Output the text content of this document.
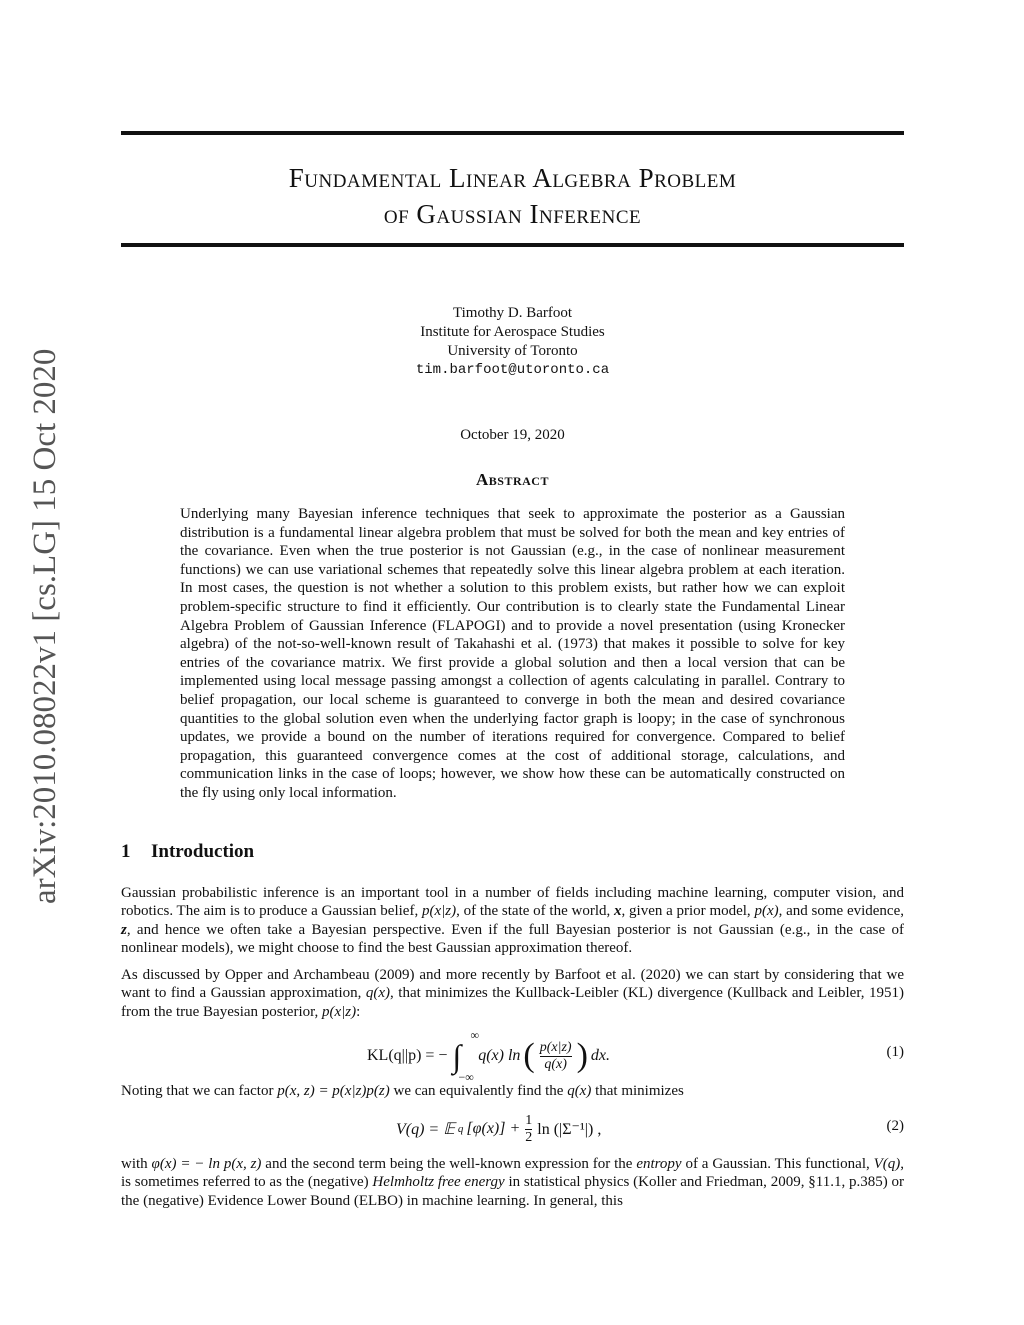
arXiv:2010.08022v1 [cs.LG] 15 Oct 2020
Fundamental Linear Algebra Problem
of Gaussian Inference
Timothy D. Barfoot
Institute for Aerospace Studies
University of Toronto
tim.barfoot@utoronto.ca
October 19, 2020
Abstract
Underlying many Bayesian inference techniques that seek to approximate the posterior as a Gaussian distribution is a fundamental linear algebra problem that must be solved for both the mean and key entries of the covariance. Even when the true posterior is not Gaussian (e.g., in the case of nonlinear measurement functions) we can use variational schemes that repeatedly solve this linear algebra problem at each iteration. In most cases, the question is not whether a solution to this problem exists, but rather how we can exploit problem-specific structure to find it efficiently. Our contribution is to clearly state the Fundamental Linear Algebra Problem of Gaussian Inference (FLAPOGI) and to provide a novel presentation (using Kronecker algebra) of the not-so-well-known result of Takahashi et al. (1973) that makes it possible to solve for key entries of the covariance matrix. We first provide a global solution and then a local version that can be implemented using local message passing amongst a collection of agents calculating in parallel. Contrary to belief propagation, our local scheme is guaranteed to converge in both the mean and desired covariance quantities to the global solution even when the underlying factor graph is loopy; in the case of synchronous updates, we provide a bound on the number of iterations required for convergence. Compared to belief propagation, this guaranteed convergence comes at the cost of additional storage, calculations, and communication links in the case of loops; however, we show how these can be automatically constructed on the fly using only local information.
1 Introduction
Gaussian probabilistic inference is an important tool in a number of fields including machine learning, computer vision, and robotics. The aim is to produce a Gaussian belief, p(x|z), of the state of the world, x, given a prior model, p(x), and some evidence, z, and hence we often take a Bayesian perspective. Even if the full Bayesian posterior is not Gaussian (e.g., in the case of nonlinear models), we might choose to find the best Gaussian approximation thereof.
As discussed by Opper and Archambeau (2009) and more recently by Barfoot et al. (2020) we can start by considering that we want to find a Gaussian approximation, q(x), that minimizes the Kullback-Leibler (KL) divergence (Kullback and Leibler, 1951) from the true Bayesian posterior, p(x|z):
KL(q||p) = − ∫
∞
−∞
q(x) ln ( $\frac{p(x|z)}{q(x)}$ ) dx.	(1)
Noting that we can factor p(x, z) = p(x|z)p(z) we can equivalently find the q(x) that minimizes
V(q) = 𝔼 q $[\varphi(x)] + \frac{1}{2}$ ln (|Σ⁻¹|) ,	(2)
with φ(x) = − ln p(x, z) and the second term being the well-known expression for the entropy of a Gaussian. This functional, V(q), is sometimes referred to as the (negative) Helmholtz free energy in statistical physics (Koller and Friedman, 2009, §11.1, p.385) or the (negative) Evidence Lower Bound (ELBO) in machine learning. In general, this
